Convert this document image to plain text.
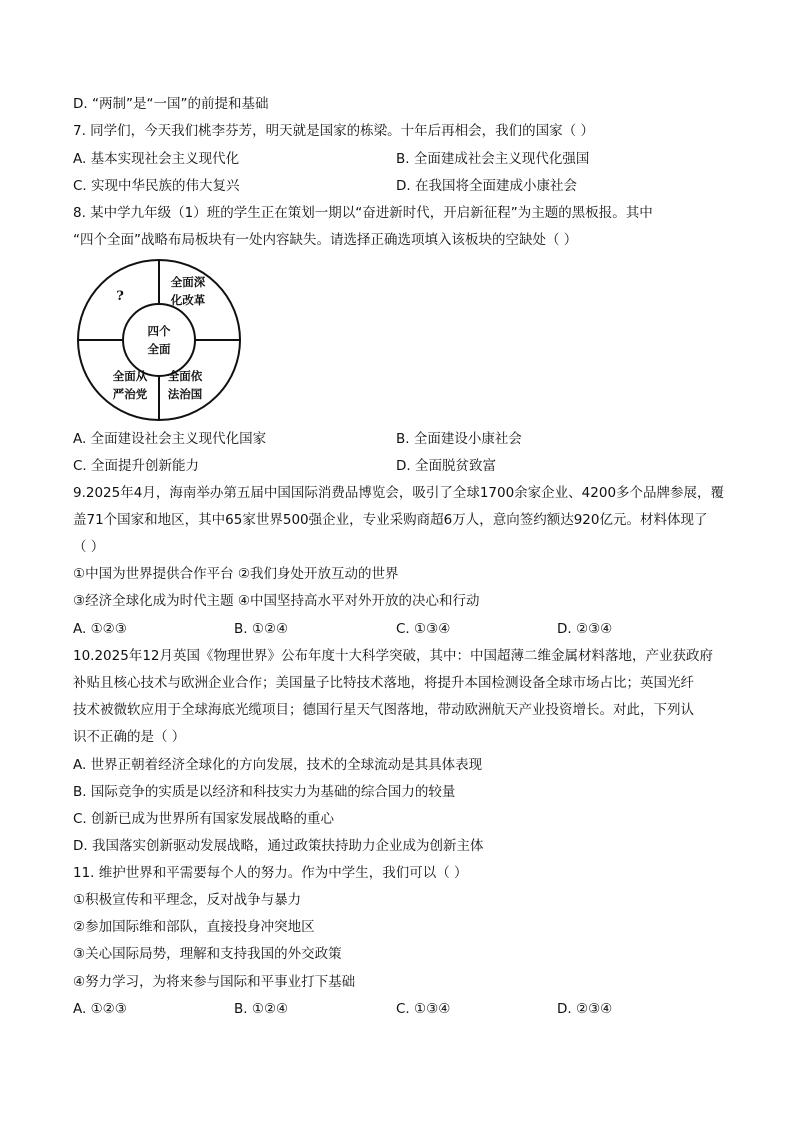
D. “两制”是“一国”的前提和基础
7. 同学们，今天我们桃李芬芳，明天就是国家的栋梁。十年后再相会，我们的国家（ ）
A. 基本实现社会主义现代化	B. 全面建成社会主义现代化强国
C. 实现中华民族的伟大复兴	D. 在我国将全面建成小康社会
8. 某中学九年级（1）班的学生正在策划一期以“奋进新时代，开启新征程”为主题的黑板报。其中
“四个全面”战略布局板块有一处内容缺失。请选择正确选项填入该板块的空缺处（ ）
四个
全面
?
全面深
化改革
全面从
严治党
全面依
法治国
A. 全面建设社会主义现代化国家	B. 全面建设小康社会
C. 全面提升创新能力	D. 全面脱贫致富
9.2025年4月，海南举办第五届中国国际消费品博览会，吸引了全球1700余家企业、4200多个品牌参展，覆
盖71个国家和地区，其中65家世界500强企业，专业采购商超6万人，意向签约额达920亿元。材料体现了
（ ）
①中国为世界提供合作平台 ②我们身处开放互动的世界
③经济全球化成为时代主题 ④中国坚持高水平对外开放的决心和行动
A. ①②③	B. ①②④	C. ①③④	D. ②③④
10.2025年12月英国《物理世界》公布年度十大科学突破，其中：中国超薄二维金属材料落地，产业获政府
补贴且核心技术与欧洲企业合作；美国量子比特技术落地，将提升本国检测设备全球市场占比；英国光纤
技术被微软应用于全球海底光缆项目；德国行星天气图落地，带动欧洲航天产业投资增长。对此，下列认
识不正确的是（ ）
A. 世界正朝着经济全球化的方向发展，技术的全球流动是其具体表现
B. 国际竞争的实质是以经济和科技实力为基础的综合国力的较量
C. 创新已成为世界所有国家发展战略的重心
D. 我国落实创新驱动发展战略，通过政策扶持助力企业成为创新主体
11. 维护世界和平需要每个人的努力。作为中学生，我们可以（ ）
①积极宣传和平理念，反对战争与暴力
②参加国际维和部队，直接投身冲突地区
③关心国际局势，理解和支持我国的外交政策
④努力学习，为将来参与国际和平事业打下基础
A. ①②③	B. ①②④	C. ①③④	D. ②③④
